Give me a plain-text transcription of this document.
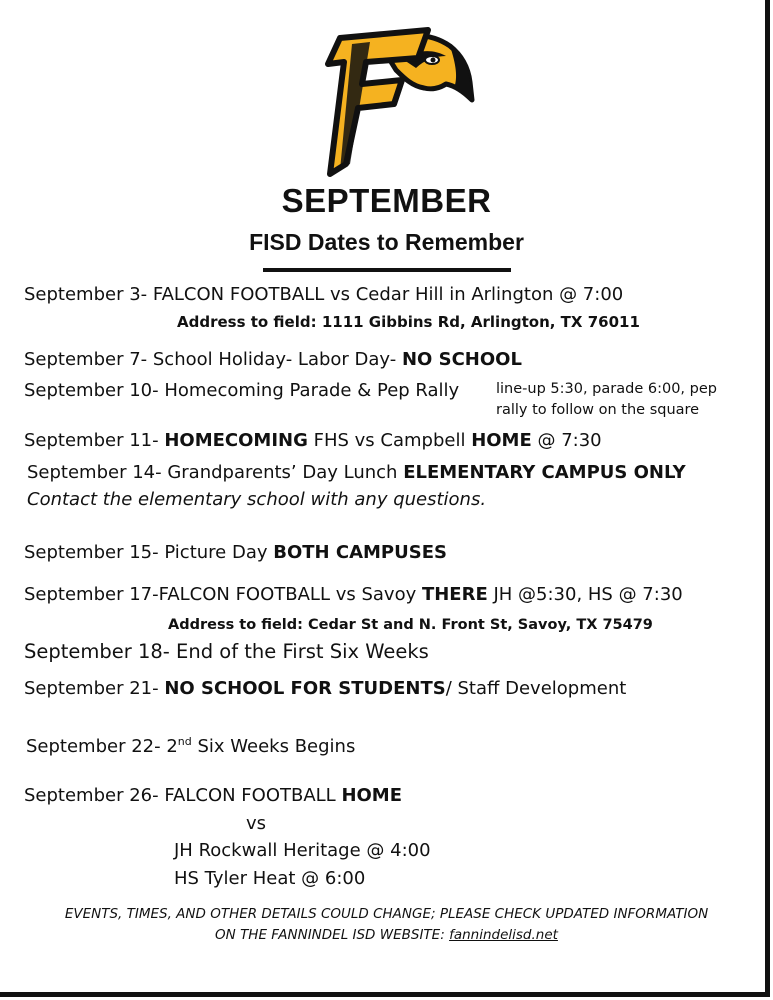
SEPTEMBER
FISD Dates to Remember
September 3- FALCON FOOTBALL vs Cedar Hill in Arlington @ 7:00
Address to field: 1111 Gibbins Rd, Arlington, TX 76011
September 7- School Holiday- Labor Day- NO SCHOOL
September 10- Homecoming Parade & Pep Rally	line-up 5:30, parade 6:00, pep rally to follow on the square
September 11- HOMECOMING FHS vs Campbell HOME @ 7:30
September 14- Grandparents’ Day Lunch ELEMENTARY CAMPUS ONLY
Contact the elementary school with any questions.
September 15- Picture Day BOTH CAMPUSES
September 17-FALCON FOOTBALL vs Savoy THERE JH @5:30, HS @ 7:30
Address to field: Cedar St and N. Front St, Savoy, TX 75479
September 18- End of the First Six Weeks
September 21- NO SCHOOL FOR STUDENTS/ Staff Development
September 22- 2nd Six Weeks Begins
September 26- FALCON FOOTBALL HOME
vs
JH Rockwall Heritage @ 4:00
HS Tyler Heat @ 6:00
EVENTS, TIMES, AND OTHER DETAILS COULD CHANGE; PLEASE CHECK UPDATED INFORMATION
ON THE FANNINDEL ISD WEBSITE: fannindelisd.net
